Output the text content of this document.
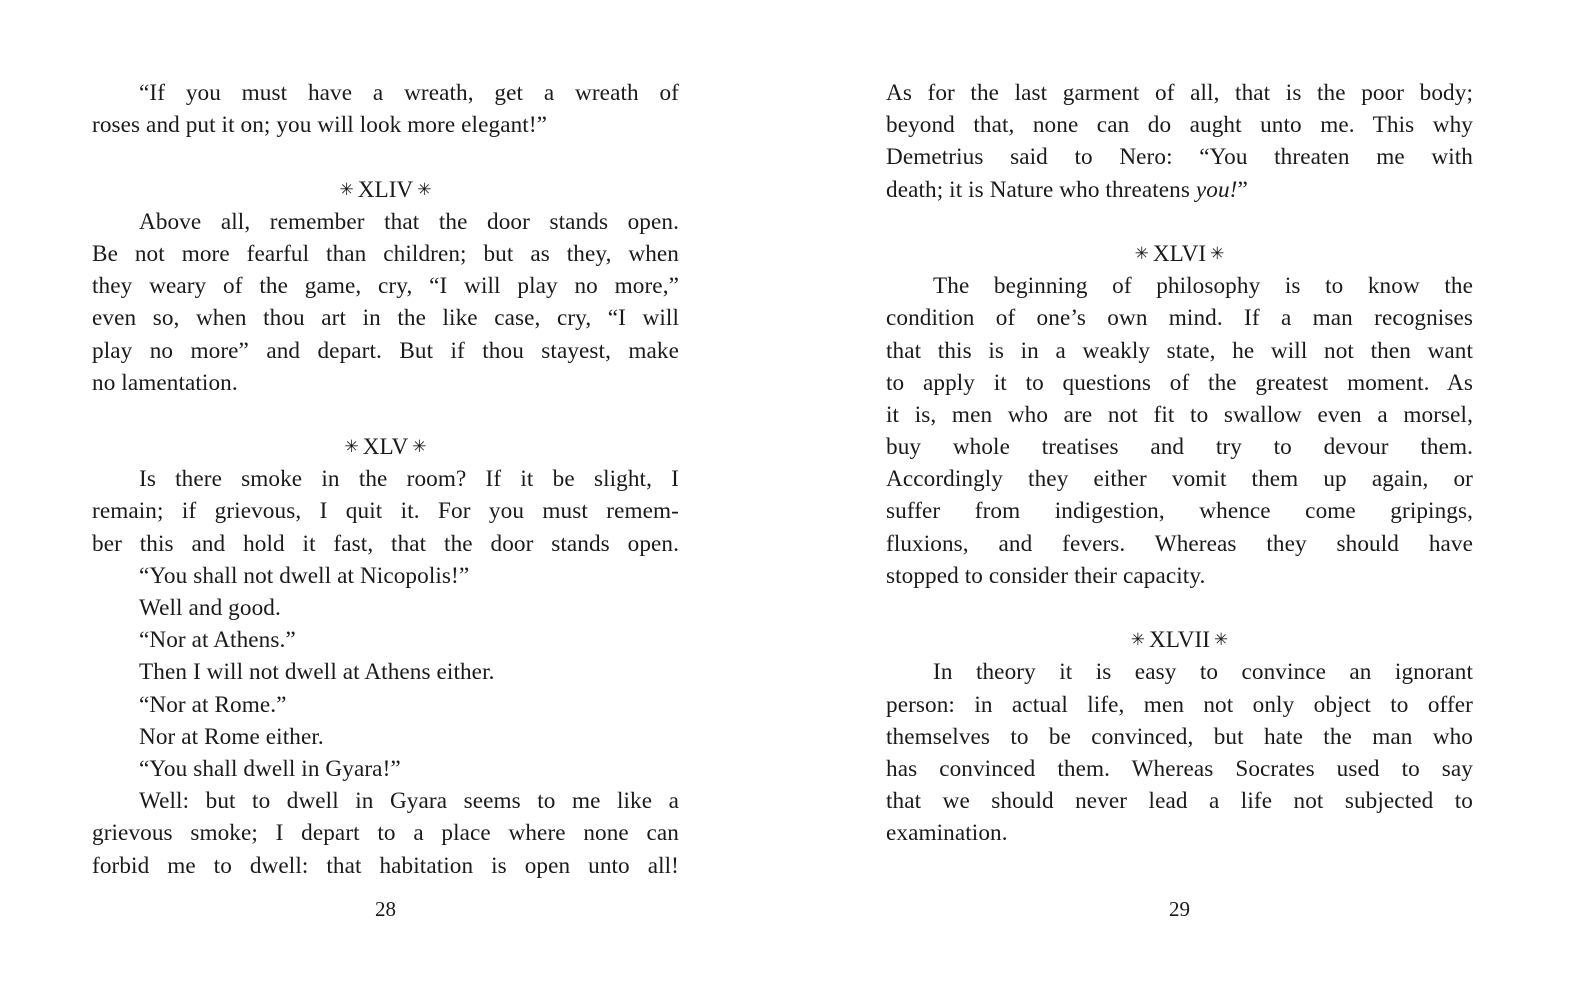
“If you must have a wreath, get a wreath of
roses and put it on; you will look more elegant!”
✳ XLIV ✳
Above all, remember that the door stands open.
Be not more fearful than children; but as they, when
they weary of the game, cry, “I will play no more,”
even so, when thou art in the like case, cry, “I will
play no more” and depart. But if thou stayest, make
no lamentation.
✳ XLV ✳
Is there smoke in the room? If it be slight, I
remain; if grievous, I quit it. For you must remem-
ber this and hold it fast, that the door stands open.
“You shall not dwell at Nicopolis!”
Well and good.
“Nor at Athens.”
Then I will not dwell at Athens either.
“Nor at Rome.”
Nor at Rome either.
“You shall dwell in Gyara!”
Well: but to dwell in Gyara seems to me like a
grievous smoke; I depart to a place where none can
forbid me to dwell: that habitation is open unto all!
28
As for the last garment of all, that is the poor body;
beyond that, none can do aught unto me. This why
Demetrius said to Nero: “You threaten me with
death; it is Nature who threatens you!”
✳ XLVI ✳
The beginning of philosophy is to know the
condition of one’s own mind. If a man recognises
that this is in a weakly state, he will not then want
to apply it to questions of the greatest moment. As
it is, men who are not fit to swallow even a morsel,
buy whole treatises and try to devour them.
Accordingly they either vomit them up again, or
suffer from indigestion, whence come gripings,
fluxions, and fevers. Whereas they should have
stopped to consider their capacity.
✳ XLVII ✳
In theory it is easy to convince an ignorant
person: in actual life, men not only object to offer
themselves to be convinced, but hate the man who
has convinced them. Whereas Socrates used to say
that we should never lead a life not subjected to
examination.
29
